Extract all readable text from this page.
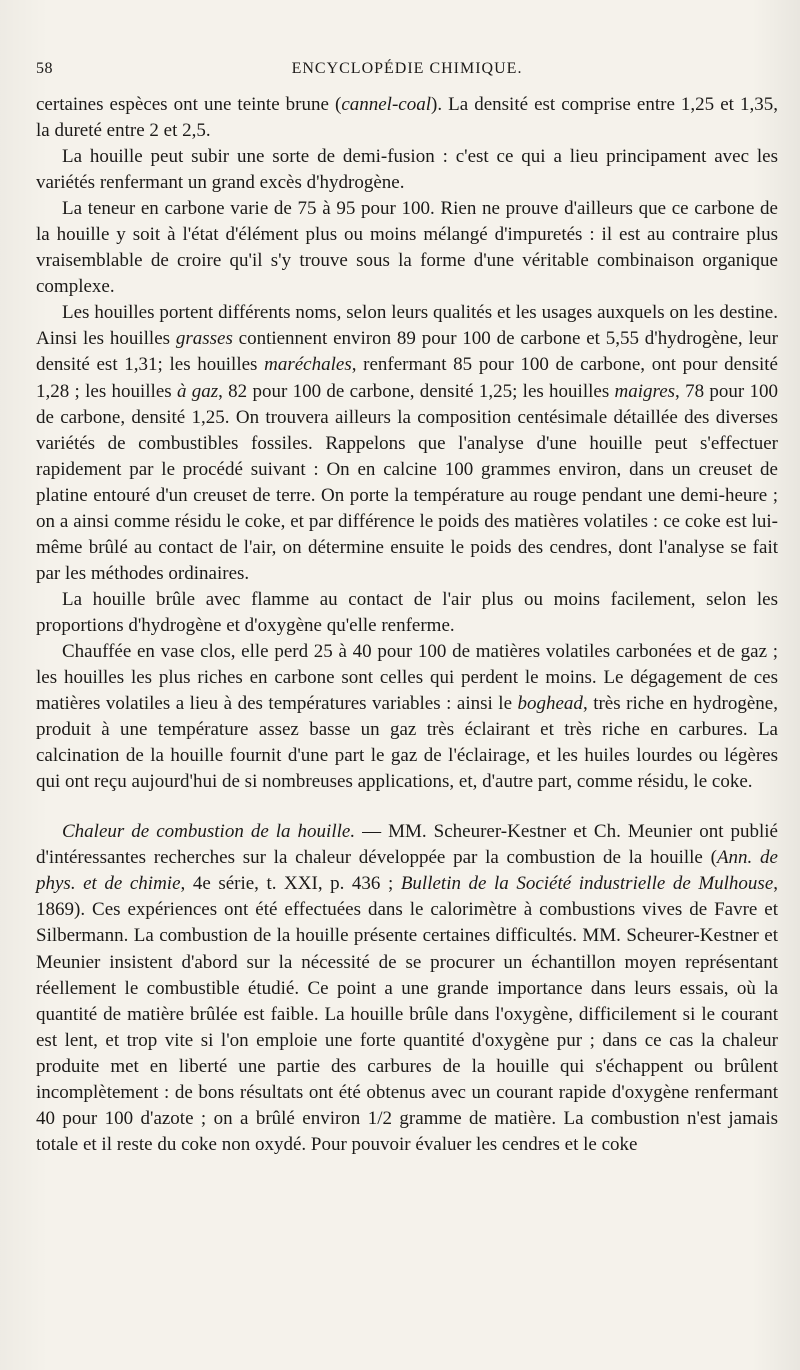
58	ENCYCLOPÉDIE CHIMIQUE.

certaines espèces ont une teinte brune (cannel-coal). La densité est comprise entre 1,25 et 1,35, la dureté entre 2 et 2,5.

La houille peut subir une sorte de demi-fusion : c'est ce qui a lieu principament avec les variétés renfermant un grand excès d'hydrogène.

La teneur en carbone varie de 75 à 95 pour 100. Rien ne prouve d'ailleurs que ce carbone de la houille y soit à l'état d'élément plus ou moins mélangé d'impuretés : il est au contraire plus vraisemblable de croire qu'il s'y trouve sous la forme d'une véritable combinaison organique complexe.

Les houilles portent différents noms, selon leurs qualités et les usages auxquels on les destine. Ainsi les houilles grasses contiennent environ 89 pour 100 de carbone et 5,55 d'hydrogène, leur densité est 1,31; les houilles maréchales, renfermant 85 pour 100 de carbone, ont pour densité 1,28 ; les houilles à gaz, 82 pour 100 de carbone, densité 1,25; les houilles maigres, 78 pour 100 de carbone, densité 1,25. On trouvera ailleurs la composition centésimale détaillée des diverses variétés de combustibles fossiles. Rappelons que l'analyse d'une houille peut s'effectuer rapidement par le procédé suivant : On en calcine 100 grammes environ, dans un creuset de platine entouré d'un creuset de terre. On porte la température au rouge pendant une demi-heure ; on a ainsi comme résidu le coke, et par différence le poids des matières volatiles : ce coke est lui-même brûlé au contact de l'air, on détermine ensuite le poids des cendres, dont l'analyse se fait par les méthodes ordinaires.

La houille brûle avec flamme au contact de l'air plus ou moins facilement, selon les proportions d'hydrogène et d'oxygène qu'elle renferme.

Chauffée en vase clos, elle perd 25 à 40 pour 100 de matières volatiles carbonées et de gaz ; les houilles les plus riches en carbone sont celles qui perdent le moins. Le dégagement de ces matières volatiles a lieu à des températures variables : ainsi le boghead, très riche en hydrogène, produit à une température assez basse un gaz très éclairant et très riche en carbures. La calcination de la houille fournit d'une part le gaz de l'éclairage, et les huiles lourdes ou légères qui ont reçu aujourd'hui de si nombreuses applications, et, d'autre part, comme résidu, le coke.

Chaleur de combustion de la houille. — MM. Scheurer-Kestner et Ch. Meunier ont publié d'intéressantes recherches sur la chaleur développée par la combustion de la houille (Ann. de phys. et de chimie, 4e série, t. XXI, p. 436 ; Bulletin de la Société industrielle de Mulhouse, 1869). Ces expériences ont été effectuées dans le calorimètre à combustions vives de Favre et Silbermann. La combustion de la houille présente certaines difficultés. MM. Scheurer-Kestner et Meunier insistent d'abord sur la nécessité de se procurer un échantillon moyen représentant réellement le combustible étudié. Ce point a une grande importance dans leurs essais, où la quantité de matière brûlée est faible. La houille brûle dans l'oxygène, difficilement si le courant est lent, et trop vite si l'on emploie une forte quantité d'oxygène pur ; dans ce cas la chaleur produite met en liberté une partie des carbures de la houille qui s'échappent ou brûlent incomplètement : de bons résultats ont été obtenus avec un courant rapide d'oxygène renfermant 40 pour 100 d'azote ; on a brûlé environ 1/2 gramme de matière. La combustion n'est jamais totale et il reste du coke non oxydé. Pour pouvoir évaluer les cendres et le coke
